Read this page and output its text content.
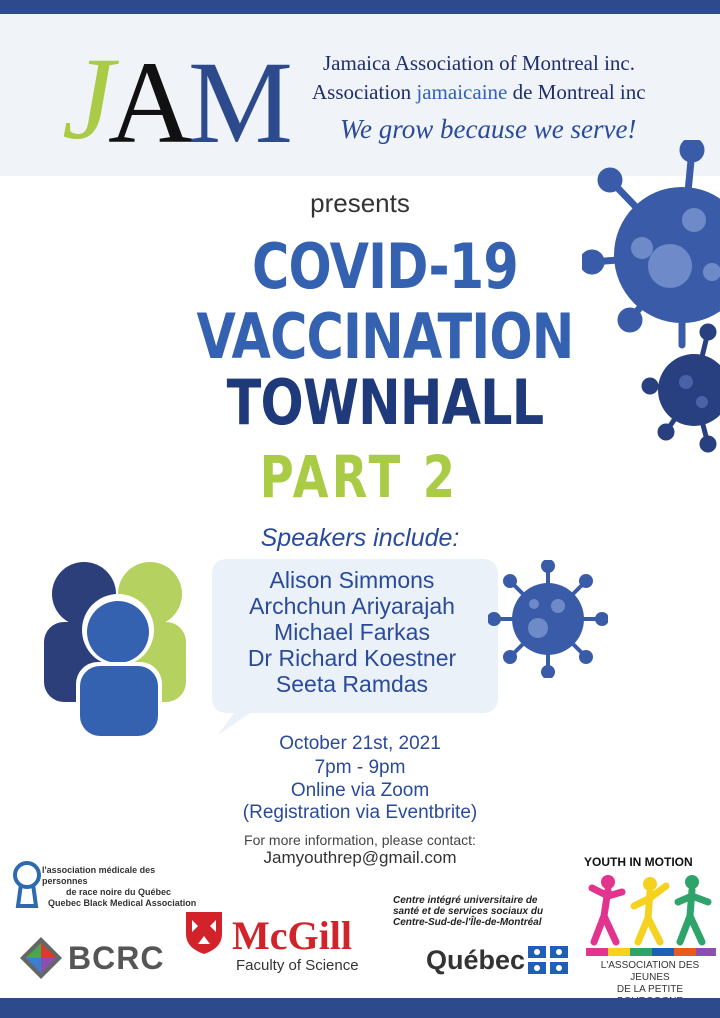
J
A
M Jamaica Association of Montreal inc.
Association jamaicaine de Montreal inc
We grow because we serve!
presents
COVID-19
VACCINATION
TOWNHALL
PART 2
Speakers include:
Alison Simmons
Archchun Ariyarajah
Michael Farkas
Dr Richard Koestner
Seeta Ramdas
October 21st, 2021
7pm - 9pm
Online via Zoom
(Registration via Eventbrite)
For more information, please contact:
Jamyouthrep@gmail.com
l'association médicale des personnes
de race noire du Québec
Quebec Black Medical Association
BCRC McGill
Faculty of Science
Centre intégré universitaire de santé et de services sociaux du Centre-Sud-de-l'Île-de-Montréal
Québec
YOUTH IN MOTION
L'ASSOCIATION DES JEUNES
DE LA PETITE
